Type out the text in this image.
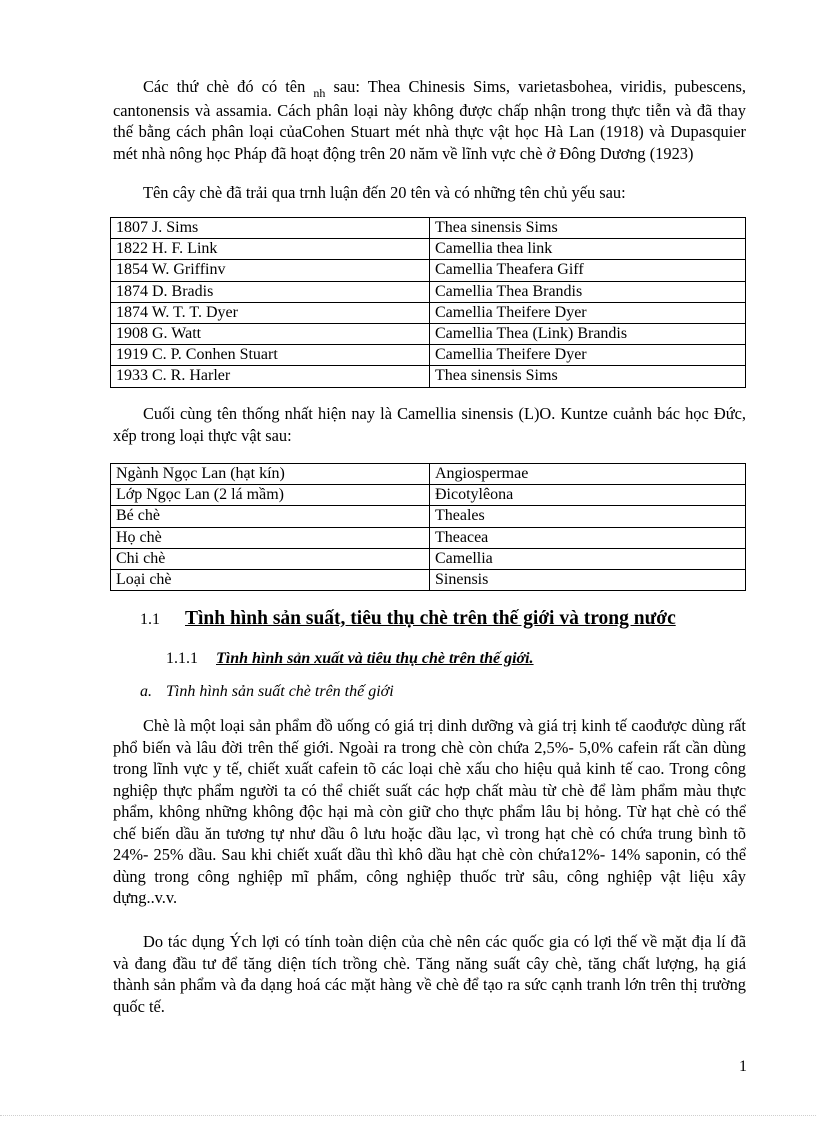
Các thứ chè đó có tên $_{nh}$ sau: Thea Chinesis Sims, varietasbohea, viridis, pubescens, cantonensis và assamia. Cách phân loại này không được chấp nhận trong thực tiễn và đã thay thế bằng cách phân loại củaCohen Stuart mét nhà thực vật học Hà Lan (1918) và Dupasquier mét nhà nông học Pháp đã hoạt động trên 20 năm về lĩnh vực chè ở Đông Dương (1923)

Tên cây chè đã trải qua trnh luận đến 20 tên và có những tên chủ yếu sau:

1807 J. Sims	Thea sinensis Sims
1822 H. F. Link	Camellia thea link
1854 W. Griffinv	Camellia Theafera Giff
1874 D. Bradis	Camellia Thea Brandis
1874 W. T. T. Dyer	Camellia Theifere Dyer
1908 G. Watt	Camellia Thea (Link) Brandis
1919 C. P. Conhen Stuart	Camellia Theifere Dyer
1933 C. R. Harler	Thea sinensis Sims

Cuối cùng tên thống nhất hiện nay là Camellia sinensis (L)O. Kuntze cuảnh bác học Đức, xếp trong loại thực vật sau:

Ngành Ngọc Lan (hạt kín)	Angiospermae
Lớp Ngọc Lan (2 lá mầm)	Đicotylêona
Bé chè	Theales
Họ chè	Theacea
Chi chè	Camellia
Loại chè	Sinensis
1.1 Tình hình sản suất, tiêu thụ chè trên thế giới và trong nước
1.1.1 Tình hình sản xuất và tiêu thụ chè trên thế giới.
a. Tình hình sản suất chè trên thế giới

Chè là một loại sản phẩm đồ uống có giá trị dinh dưỡng và giá trị kinh tế caođược dùng rất phổ biến và lâu đời trên thế giới. Ngoài ra trong chè còn chứa 2,5%- 5,0% cafein rất cần dùng trong lĩnh vực y tế, chiết xuất cafein tõ các loại chè xấu cho hiệu quả kinh tế cao. Trong công nghiệp thực phẩm người ta có thể chiết suất các hợp chất màu từ chè để làm phẩm màu thực phẩm, không những không độc hại mà còn giữ cho thực phẩm lâu bị hỏng. Từ hạt chè có thể chế biến dầu ăn tương tự như dầu ô lưu hoặc dầu lạc, vì trong hạt chè có chứa trung bình tõ 24%- 25% dầu. Sau khi chiết xuất dầu thì khô dầu hạt chè còn chứa12%- 14% saponin, có thể dùng trong công nghiệp mĩ phẩm, công nghiệp thuốc trừ sâu, công nghiệp vật liệu xây dựng..v.v.

Do tác dụng Ých lợi có tính toàn diện của chè nên các quốc gia có lợi thế về mặt địa lí đã và đang đầu tư để tăng diện tích trồng chè. Tăng năng suất cây chè, tăng chất lượng, hạ giá thành sản phẩm và đa dạng hoá các mặt hàng về chè để tạo ra sức cạnh tranh lớn trên thị trường quốc tế.

1
